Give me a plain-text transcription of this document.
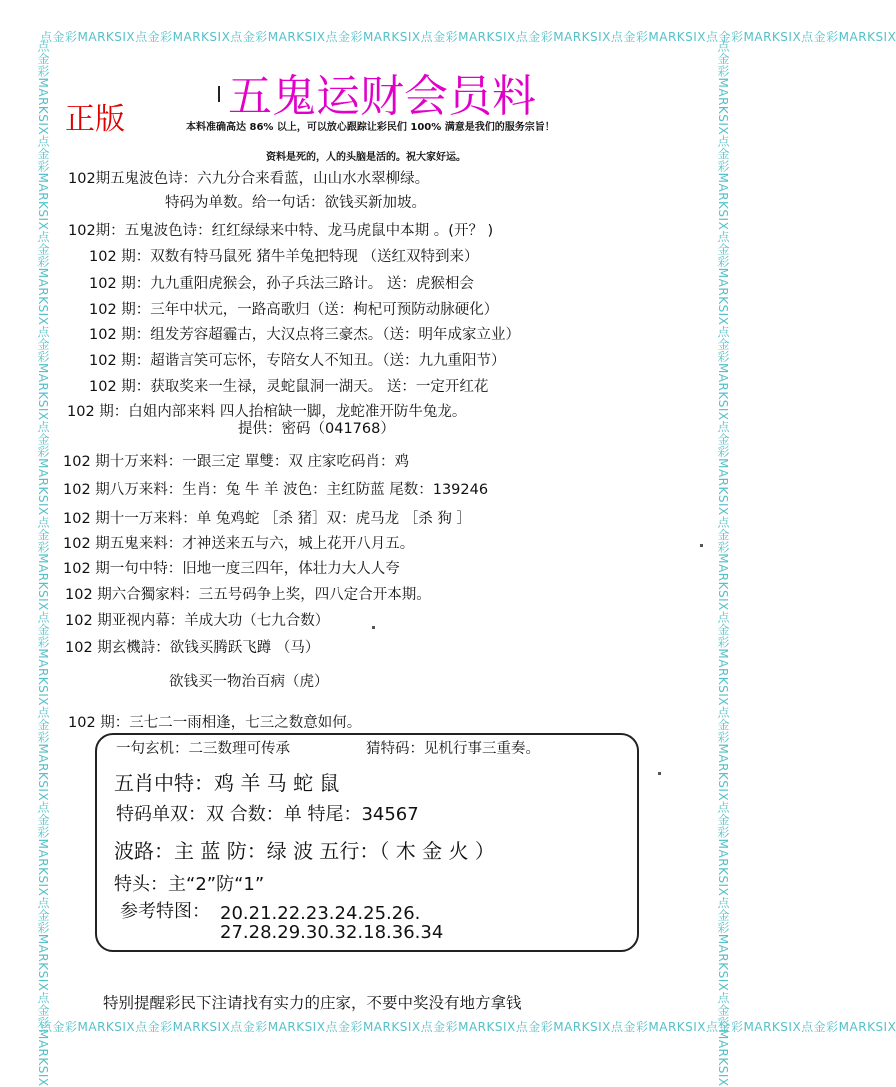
点金彩MARKSIX点金彩MARKSIX点金彩MARKSIX点金彩MARKSIX点金彩MARKSIX点金彩MARKSIX点金彩MARKSIX点金彩MARKSIX点金彩MARKSIX
点金彩MARKSIX点金彩MARKSIX点金彩MARKSIX点金彩MARKSIX点金彩MARKSIX点金彩MARKSIX点金彩MARKSIX点金彩MARKSIX点金彩MARKSIX
点金彩MARKSIX点金彩MARKSIX点金彩MARKSIX点金彩MARKSIX点金彩MARKSIX点金彩MARKSIX点金彩MARKSIX点金彩MARKSIX点金彩MARKSIX点金彩MARKSIX点金彩MARKSIX	点金彩MARKSIX点金彩MARKSIX点金彩MARKSIX点金彩MARKSIX点金彩MARKSIX点金彩MARKSIX点金彩MARKSIX点金彩MARKSIX点金彩MARKSIX点金彩MARKSIX点金彩MARKSIX
五鬼运财会员料
正版	本料准确高达 86% 以上，可以放心跟踪让彩民们 100% 满意是我们的服务宗旨！
资料是死的，人的头脑是活的。祝大家好运。
102期五鬼波色诗：六九分合来看蓝，山山水水翠柳绿。
特码为单数。给一句话：欲钱买新加坡。
102期：五鬼波色诗：红红绿绿来中特、龙马虎鼠中本期 。(开？ )
102 期：双数有特马鼠死 猪牛羊兔把特现 （送红双特到来）
102 期：九九重阳虎猴会，孙子兵法三路计。 送：虎猴相会
102 期：三年中状元，一路高歌归（送：枸杞可预防动脉硬化）
102 期：组发芳容超霾古，大汉点将三豪杰。（送：明年成家立业）
102 期：超谐言笑可忘怀，专陪女人不知丑。（送：九九重阳节）
102 期：获取奖来一生禄，灵蛇鼠洞一湖天。 送：一定开红花
102 期：白姐内部来料 四人抬棺缺一脚，龙蛇准开防牛兔龙。
提供：密码（041768）
102 期十万来料：一跟三定 單雙：双 庄家吃码肖：鸡
102 期八万来料：生肖：兔 牛 羊 波色：主红防蓝 尾数：139246
102 期十一万来料：单 兔鸡蛇 ［杀 猪］双：虎马龙 ［杀 狗 ］
102 期五鬼来料：才神送来五与六，城上花开八月五。
102 期一句中特：旧地一度三四年，体壮力大人人夸
102 期六合獨家料：三五号码争上奖，四八定合开本期。
102 期亚视内幕：羊成大功（七九合数）
102 期玄機詩：欲钱买腾跃飞蹲 （马）
欲钱买一物治百病（虎）
102 期：三七二一雨相逢，七三之数意如何。
一句玄机：二三数理可传承	猜特码：见机行事三重奏。
五肖中特：鸡 羊 马 蛇 鼠
特码单双：双 合数：单 特尾：34567
波路：主 蓝 防：绿 波 五行：（ 木 金 火 ）
特头：主“2”防“1”
参考特图： 20.21.22.23.24.25.26.
27.28.29.30.32.18.36.34
特别提醒彩民下注请找有实力的庄家，不要中奖没有地方拿钱
